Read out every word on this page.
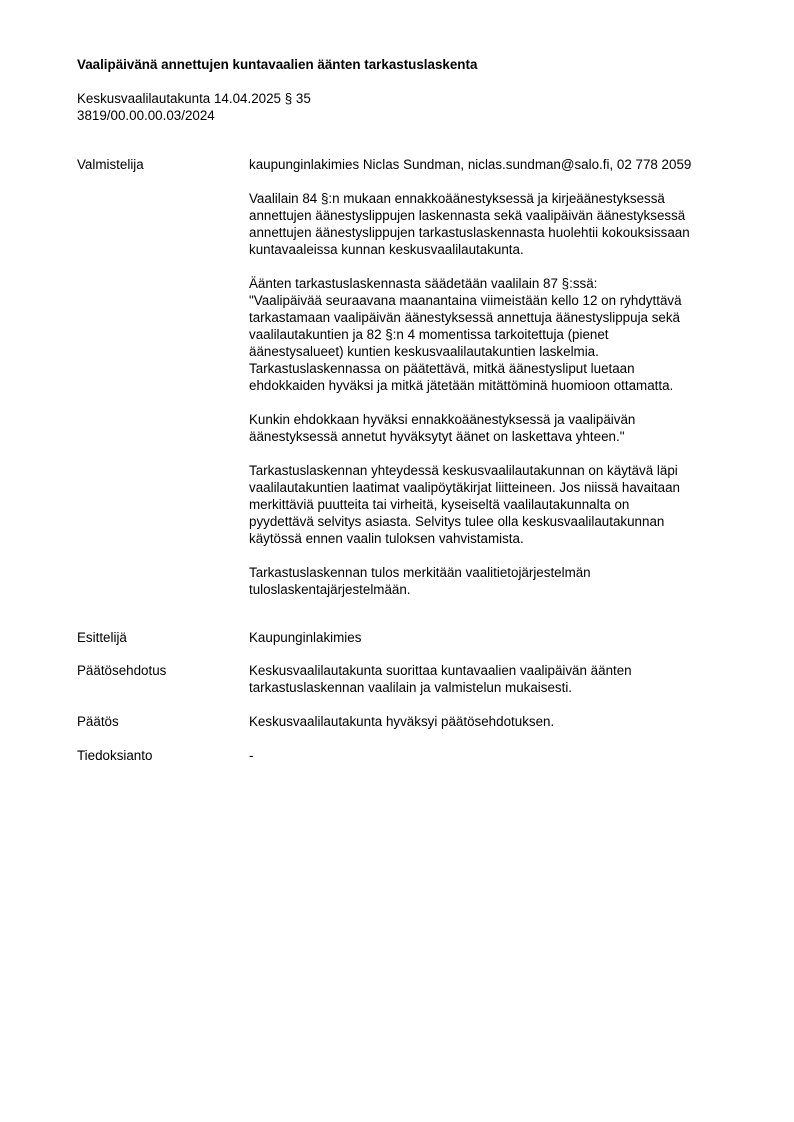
Vaalipäivänä annettujen kuntavaalien äänten tarkastuslaskenta
Keskusvaalilautakunta 14.04.2025 § 35
3819/00.00.00.03/2024
Valmistelija	kaupunginlakimies Niclas Sundman, niclas.sundman@salo.fi, 02 778 2059

Vaalilain 84 §:n mukaan ennakkoäänestyksessä ja kirjeäänestyksessä
annettujen äänestyslippujen laskennasta sekä vaalipäivän äänestyksessä
annettujen äänestyslippujen tarkastuslaskennasta huolehtii kokouksissaan
kuntavaaleissa kunnan keskusvaalilautakunta.

Äänten tarkastuslaskennasta säädetään vaalilain 87 §:ssä:
"Vaalipäivää seuraavana maanantaina viimeistään kello 12 on ryhdyttävä
tarkastamaan vaalipäivän äänestyksessä annettuja äänestyslippuja sekä
vaalilautakuntien ja 82 §:n 4 momentissa tarkoitettuja (pienet
äänestysalueet) kuntien keskusvaalilautakuntien laskelmia.
Tarkastuslaskennassa on päätettävä, mitkä äänestysliput luetaan
ehdokkaiden hyväksi ja mitkä jätetään mitättöminä huomioon ottamatta.

Kunkin ehdokkaan hyväksi ennakkoäänestyksessä ja vaalipäivän
äänestyksessä annetut hyväksytyt äänet on laskettava yhteen."

Tarkastuslaskennan yhteydessä keskusvaalilautakunnan on käytävä läpi
vaalilautakuntien laatimat vaalipöytäkirjat liitteineen. Jos niissä havaitaan
merkittäviä puutteita tai virheitä, kyseiseltä vaalilautakunnalta on
pyydettävä selvitys asiasta. Selvitys tulee olla keskusvaalilautakunnan
käytössä ennen vaalin tuloksen vahvistamista.

Tarkastuslaskennan tulos merkitään vaalitietojärjestelmän
tuloslaskentajärjestelmään.

Esittelijä	Kaupunginlakimies

Päätösehdotus	Keskusvaalilautakunta suorittaa kuntavaalien vaalipäivän äänten
tarkastuslaskennan vaalilain ja valmistelun mukaisesti.

Päätös	Keskusvaalilautakunta hyväksyi päätösehdotuksen.

Tiedoksianto	-
